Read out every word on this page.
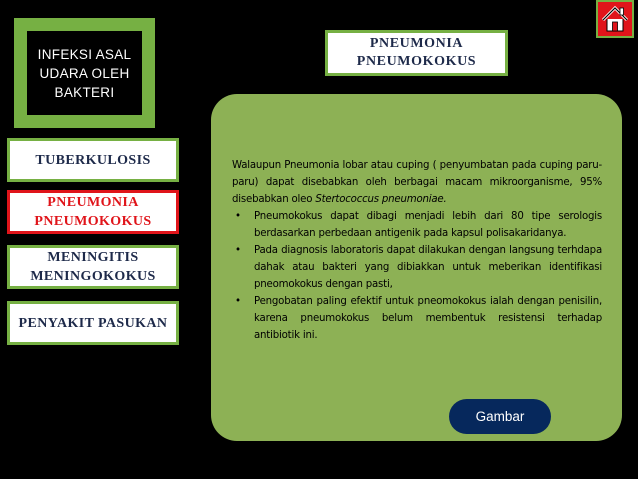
INFEKSI ASAL
UDARA OLEH
BAKTERI
TUBERKULOSIS
PNEUMONIA
PNEUMOKOKUS
MENINGITIS
MENINGOKOKUS
PENYAKIT PASUKAN
PNEUMONIA
PNEUMOKOKUS

Walaupun Pneumonia lobar atau cuping ( penyumbatan pada cuping paru-paru) dapat disebabkan oleh berbagai macam mikroorganisme, 95% disebabkan oleo Stertococcus pneumoniae.

• Pneumokokus dapat dibagi menjadi lebih dari 80 tipe serologis berdasarkan perbedaan antigenik pada kapsul polisakaridanya.
• Pada diagnosis laboratoris dapat dilakukan dengan langsung terhdapa dahak atau bakteri yang dibiakkan untuk meberikan identifikasi pneomokokus dengan pasti,
• Pengobatan paling efektif untuk pneomokokus ialah dengan penisilin, karena pneumokokus belum membentuk resistensi terhadap antibiotik ini.
Gambar
